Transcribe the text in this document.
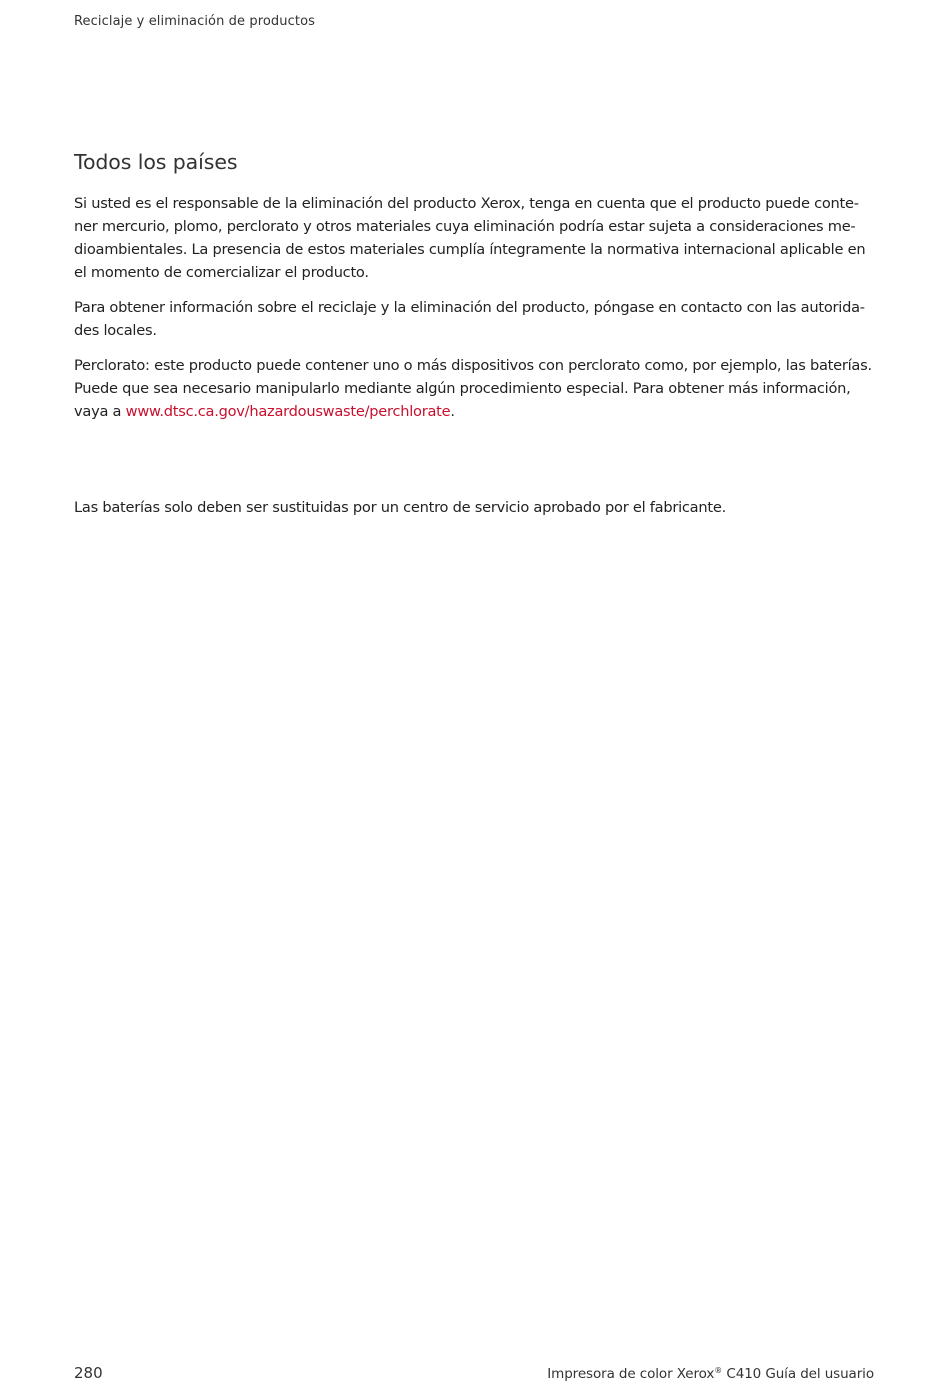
Reciclaje y eliminación de productos
Todos los países

Si usted es el responsable de la eliminación del producto Xerox, tenga en cuenta que el producto puede contener mercurio, plomo, perclorato y otros materiales cuya eliminación podría estar sujeta a consideraciones medioambientales. La presencia de estos materiales cumplía íntegramente la normativa internacional aplicable en el momento de comercializar el producto.

Para obtener información sobre el reciclaje y la eliminación del producto, póngase en contacto con las autoridades locales.

Perclorato: este producto puede contener uno o más dispositivos con perclorato como, por ejemplo, las baterías. Puede que sea necesario manipularlo mediante algún procedimiento especial. Para obtener más información, vaya a www.dtsc.ca.gov/hazardouswaste/perchlorate.

Las baterías solo deben ser sustituidas por un centro de servicio aprobado por el fabricante.

280	Impresora de color Xerox® C410 Guía del usuario
